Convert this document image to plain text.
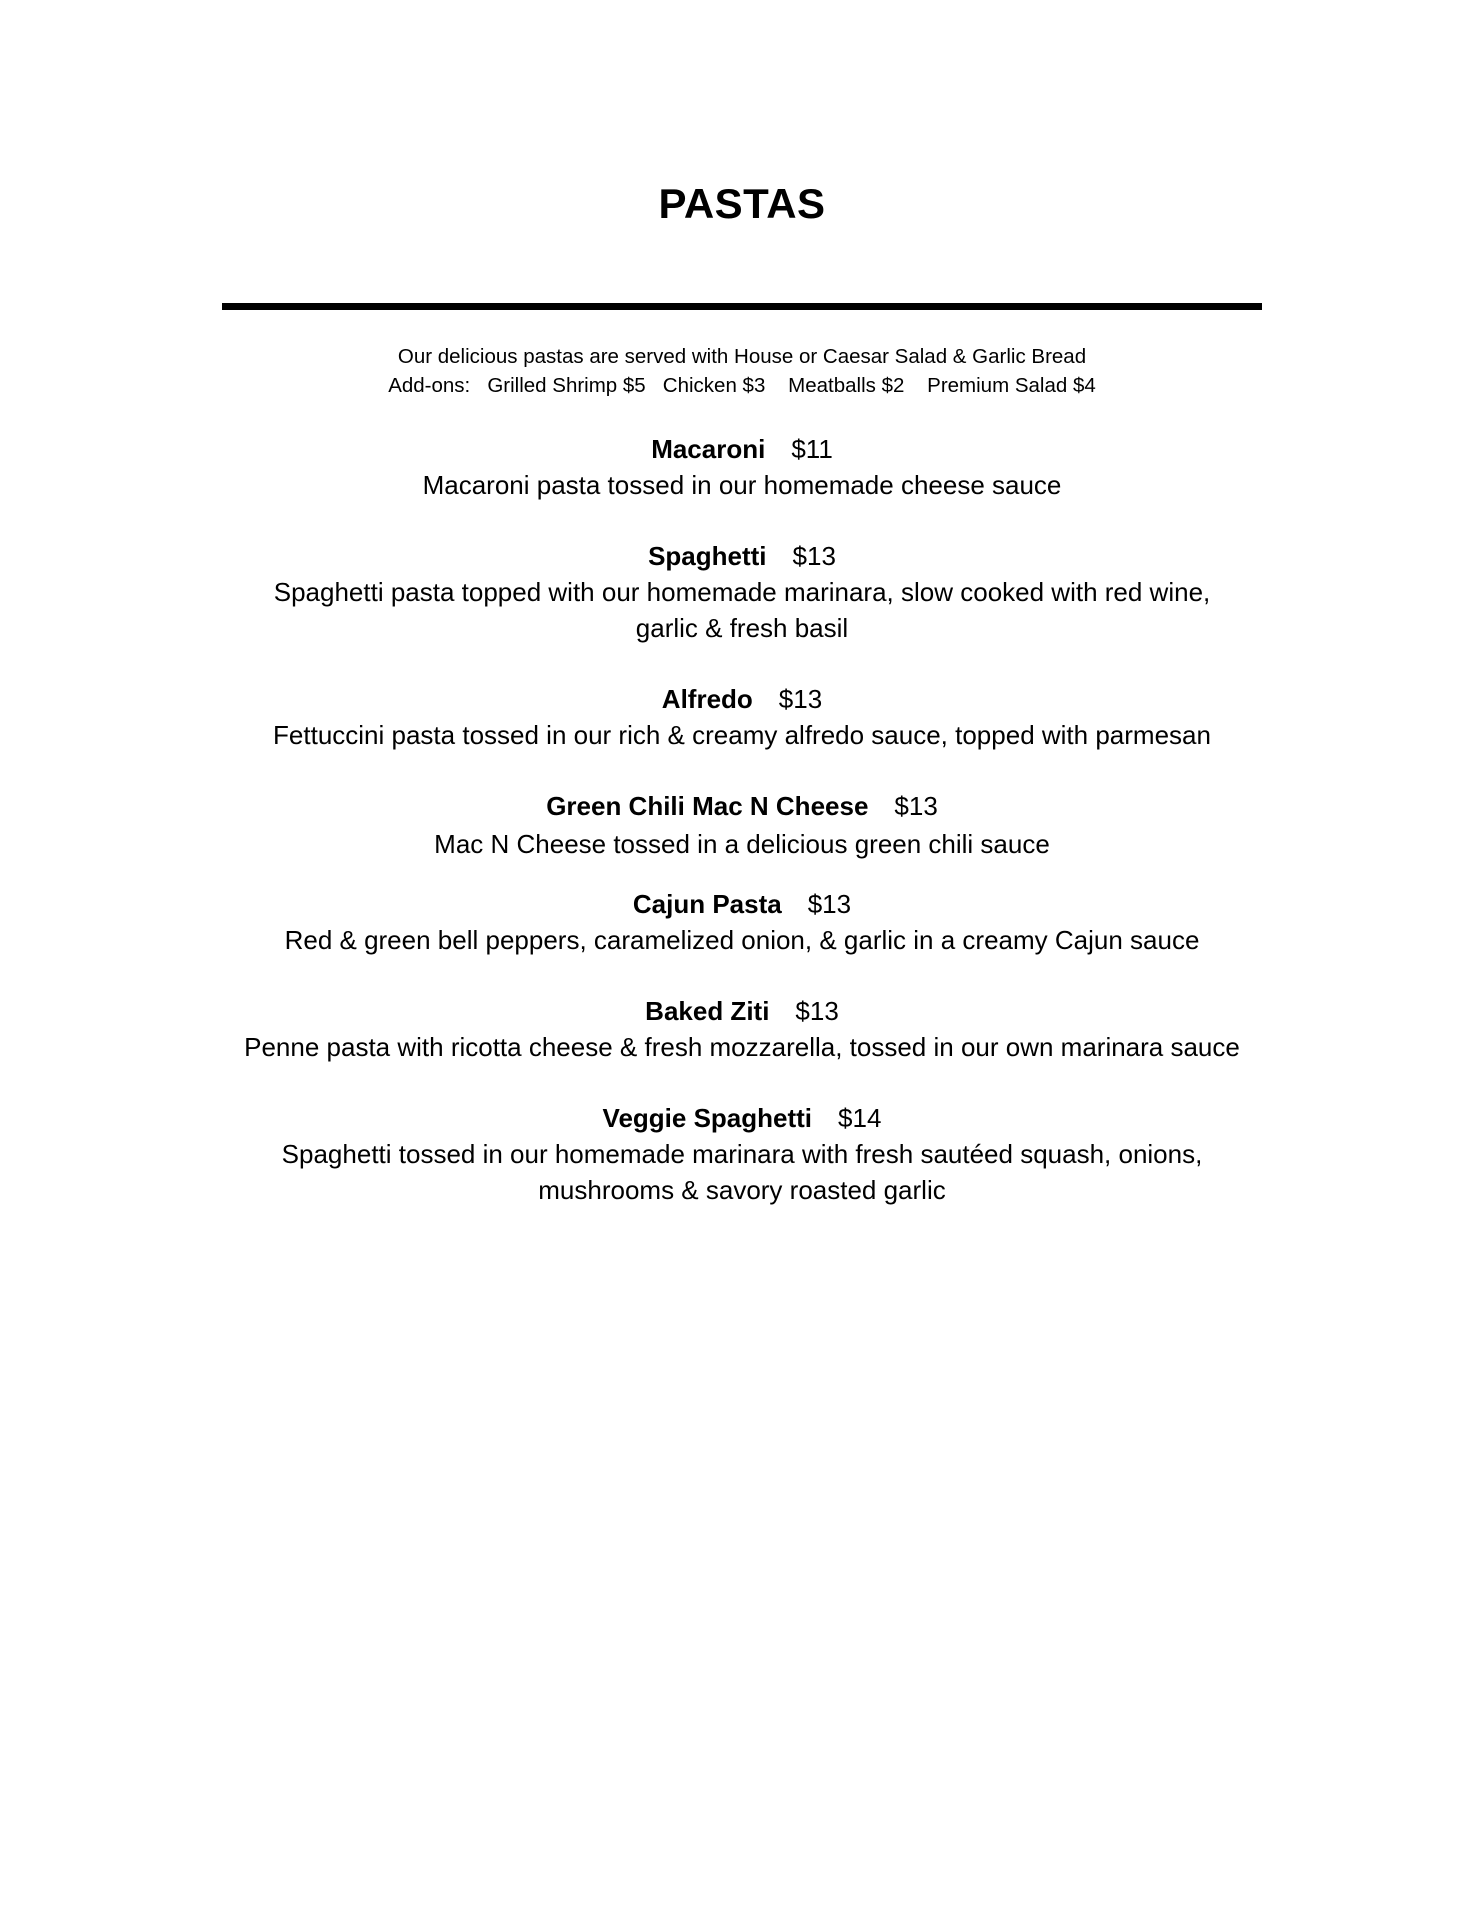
PASTAS
Our delicious pastas are served with House or Caesar Salad & Garlic Bread
Add-ons:   Grilled Shrimp $5   Chicken $3    Meatballs $2    Premium Salad $4
Macaroni $11
Macaroni pasta tossed in our homemade cheese sauce
Spaghetti $13
Spaghetti pasta topped with our homemade marinara, slow cooked with red wine,
garlic & fresh basil
Alfredo $13
Fettuccini pasta tossed in our rich & creamy alfredo sauce, topped with parmesan
Green Chili Mac N Cheese $13
Mac N Cheese tossed in a delicious green chili sauce
Cajun Pasta $13
Red & green bell peppers, caramelized onion, & garlic in a creamy Cajun sauce
Baked Ziti $13
Penne pasta with ricotta cheese & fresh mozzarella, tossed in our own marinara sauce
Veggie Spaghetti $14
Spaghetti tossed in our homemade marinara with fresh sautéed squash, onions,
mushrooms & savory roasted garlic
